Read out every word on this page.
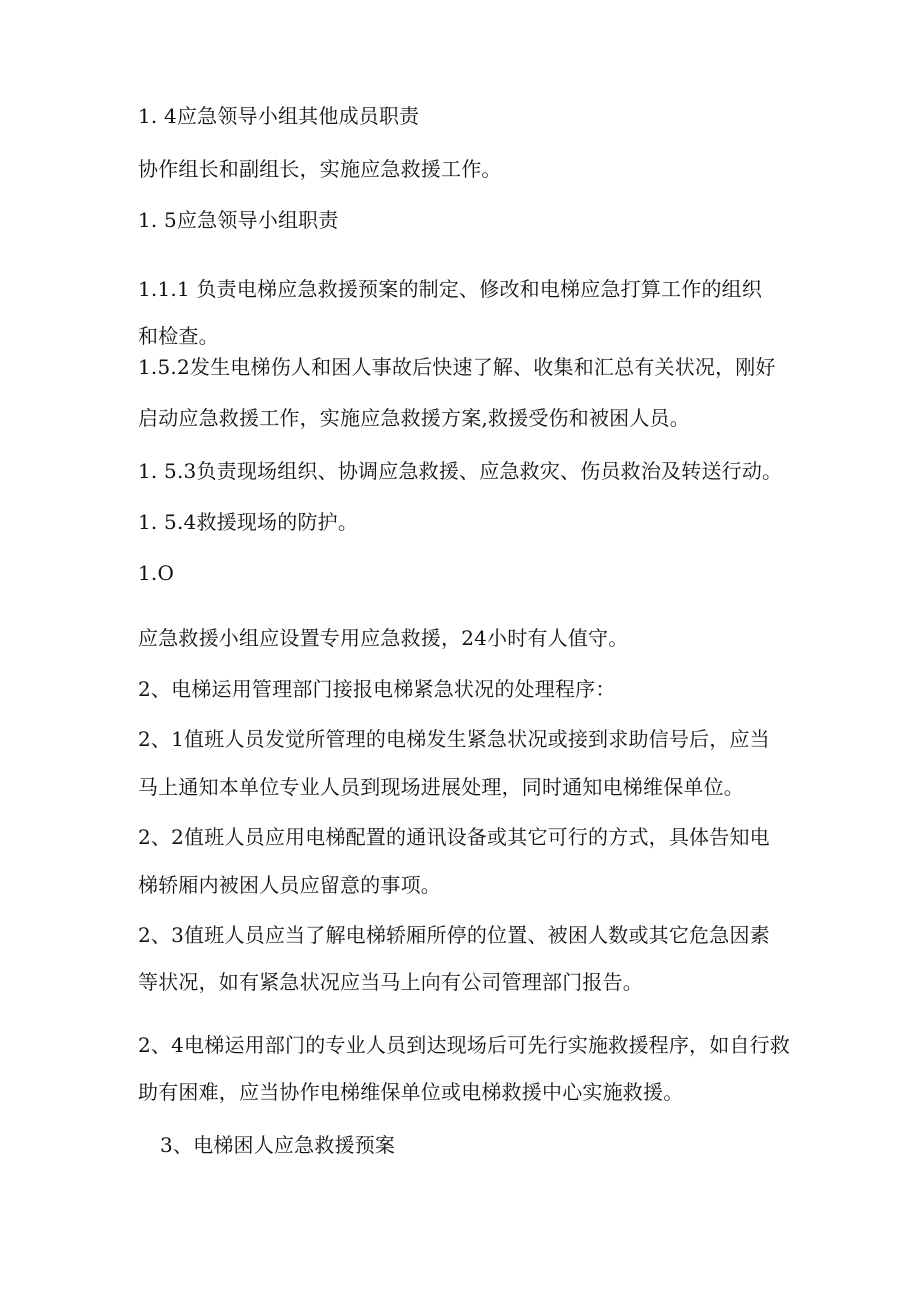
1. 4应急领导小组其他成员职责
协作组长和副组长，实施应急救援工作。
1. 5应急领导小组职责
1.1.1 负责电梯应急救援预案的制定、修改和电梯应急打算工作的组织
和检查。
1.5.2发生电梯伤人和困人事故后快速了解、收集和汇总有关状况，刚好
启动应急救援工作，实施应急救援方案,救援受伤和被困人员。
1. 5.3负责现场组织、协调应急救援、应急救灾、伤员救治及转送行动。
1. 5.4救援现场的防护。
1.O
应急救援小组应设置专用应急救援，24小时有人值守。
2、电梯运用管理部门接报电梯紧急状况的处理程序：
2、1值班人员发觉所管理的电梯发生紧急状况或接到求助信号后，应当
马上通知本单位专业人员到现场进展处理，同时通知电梯维保单位。
2、2值班人员应用电梯配置的通讯设备或其它可行的方式，具体告知电
梯轿厢内被困人员应留意的事项。
2、3值班人员应当了解电梯轿厢所停的位置、被困人数或其它危急因素
等状况，如有紧急状况应当马上向有公司管理部门报告。
2、4电梯运用部门的专业人员到达现场后可先行实施救援程序，如自行救
助有困难，应当协作电梯维保单位或电梯救援中心实施救援。
3、电梯困人应急救援预案
